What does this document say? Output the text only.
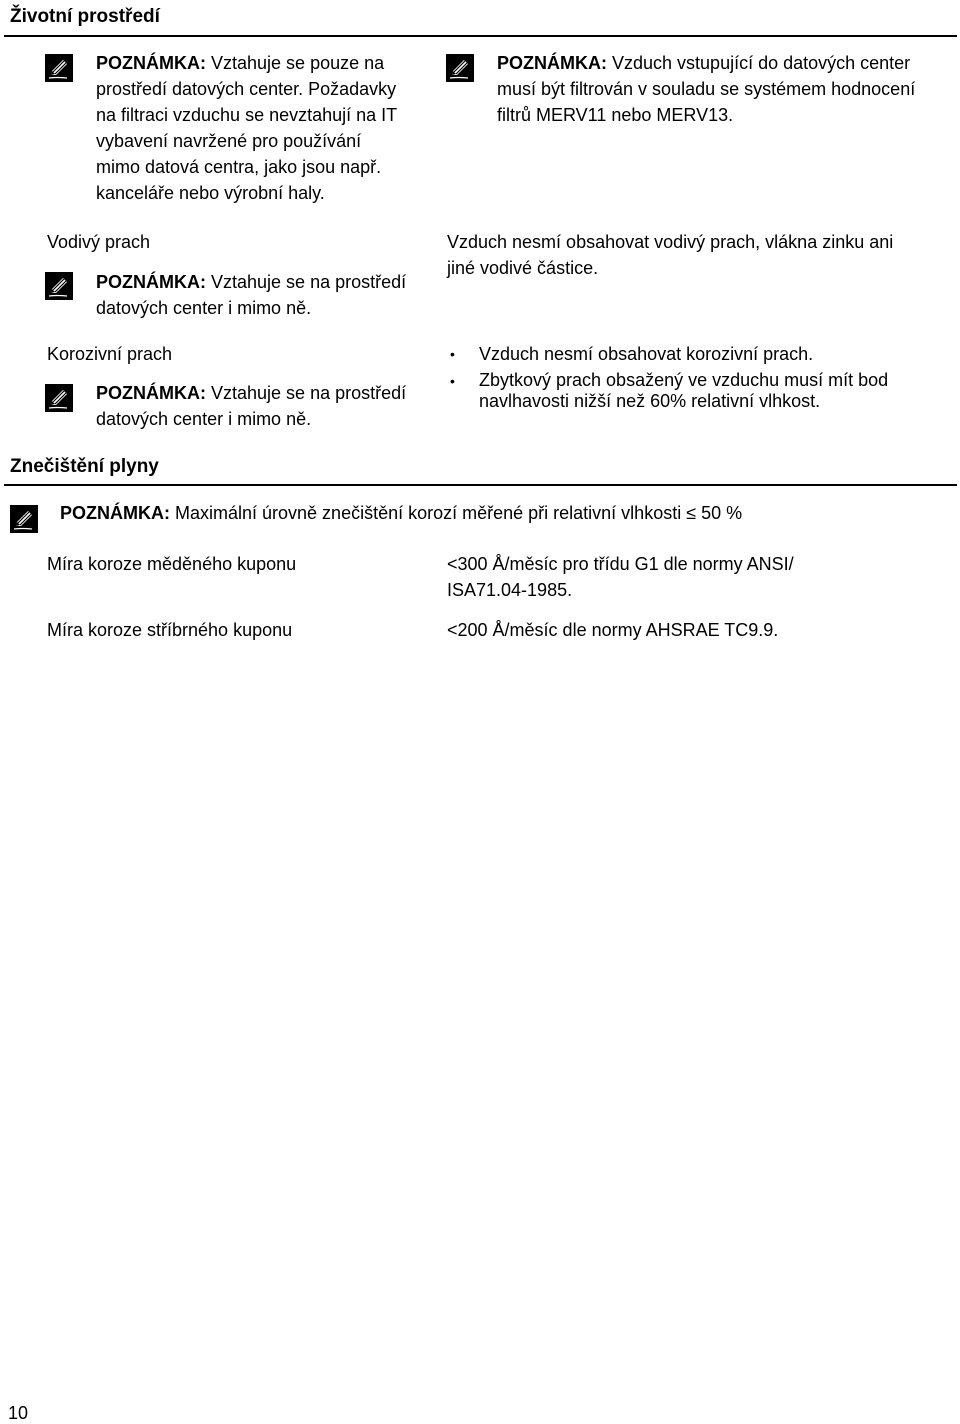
Životní prostředí
POZNÁMKA: Vztahuje se pouze na
prostředí datových center. Požadavky
na filtraci vzduchu se nevztahují na IT
vybavení navržené pro používání
mimo datová centra, jako jsou např.
kanceláře nebo výrobní haly.
POZNÁMKA: Vzduch vstupující do datových center
musí být filtrován v souladu se systémem hodnocení
filtrů MERV11 nebo MERV13.
Vodivý prach
POZNÁMKA: Vztahuje se na prostředí
datových center i mimo ně.
Vzduch nesmí obsahovat vodivý prach, vlákna zinku ani
jiné vodivé částice.
Korozivní prach
POZNÁMKA: Vztahuje se na prostředí
datových center i mimo ně.
• Vzduch nesmí obsahovat korozivní prach.
• Zbytkový prach obsažený ve vzduchu musí mít bod
navlhavosti nižší než 60% relativní vlhkost.
Znečištění plyny
POZNÁMKA: Maximální úrovně znečištění korozí měřené při relativní vlhkosti ≤ 50 %
Míra koroze měděného kuponu	<300 Å/měsíc pro třídu G1 dle normy ANSI/
ISA71.04-1985.
Míra koroze stříbrného kuponu	<200 Å/měsíc dle normy AHSRAE TC9.9.
10
